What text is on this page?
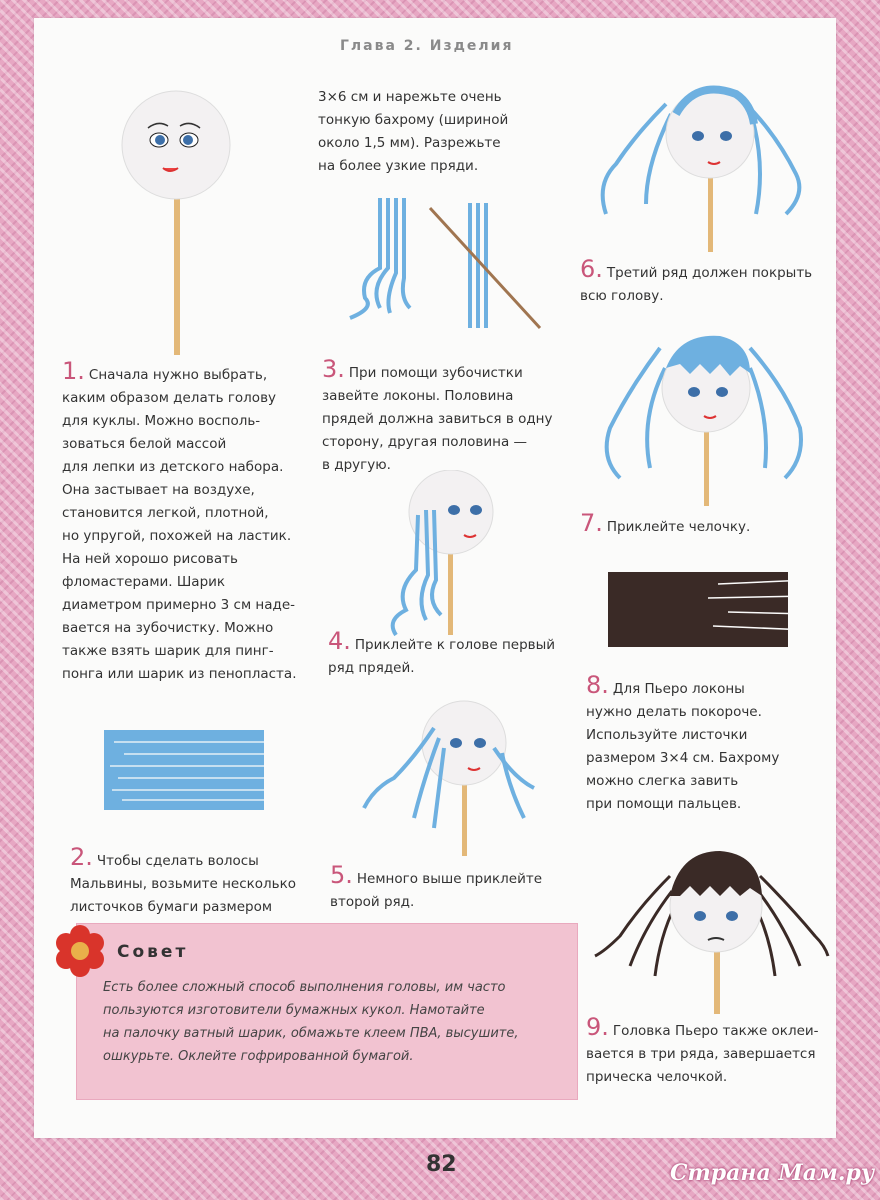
Глава 2. Изделия
1. Сначала нужно выбрать,

каким образом делать голову

для куклы. Можно восполь-

зоваться белой массой

для лепки из детского набора.

Она застывает на воздухе,

становится легкой, плотной,

но упругой, похожей на ластик.

На ней хорошо рисовать

фломастерами. Шарик

диаметром примерно 3 см наде-

вается на зубочистку. Можно

также взять шарик для пинг-

понга или шарик из пенопласта.

2. Чтобы сделать волосы

Мальвины, возьмите несколько

листочков бумаги размером

3×6 см и нарежьте очень

тонкую бахрому (шириной

около 1,5 мм). Разрежьте

на более узкие пряди.

3. При помощи зубочистки

завейте локоны. Половина

прядей должна завиться в одну

сторону, другая половина —

в другую.

4. Приклейте к голове первый

ряд прядей.

5. Немного выше приклейте

второй ряд.

6. Третий ряд должен покрыть

всю голову.

7. Приклейте челочку.
8. Для Пьеро локоны

нужно делать покороче.

Используйте листочки

размером 3×4 см. Бахрому

можно слегка завить

при помощи пальцев.

9. Головка Пьеро также оклеи-

вается в три ряда, завершается

прическа челочкой.

Совет
Есть более сложный способ выполнения головы, им часто
пользуются изготовители бумажных кукол. Намотайте
на палочку ватный шарик, обмажьте клеем ПВА, высушите,
ошкурьте. Оклейте гофрированной бумагой.
82	Страна Мам.ру
